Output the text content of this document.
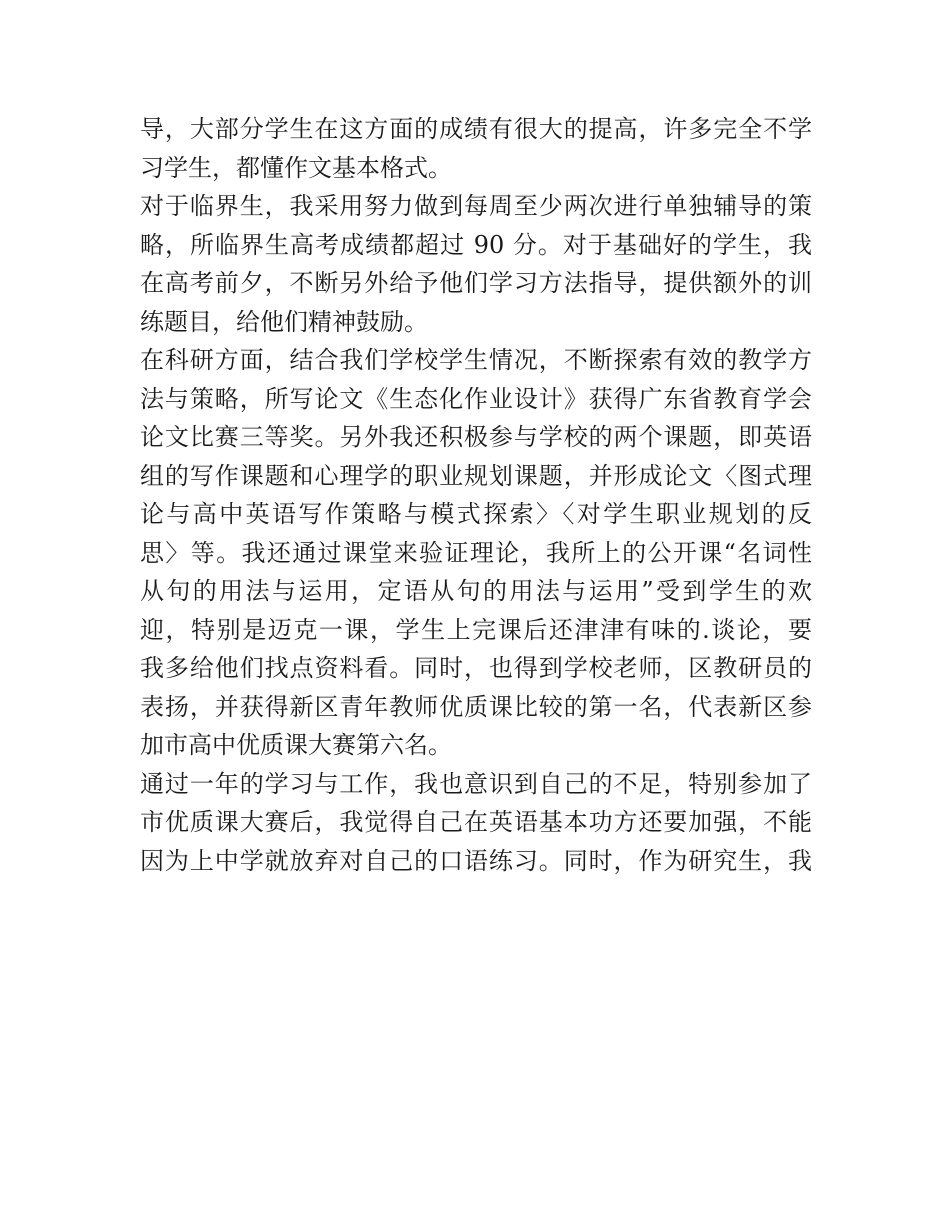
导，大部分学生在这方面的成绩有很大的提高，许多完全不学
习学生，都懂作文基本格式。
对于临界生，我采用努力做到每周至少两次进行单独辅导的策
略，所临界生高考成绩都超过 90 分。对于基础好的学生，我
在高考前夕，不断另外给予他们学习方法指导，提供额外的训
练题目，给他们精神鼓励。
在科研方面，结合我们学校学生情况，不断探索有效的教学方
法与策略，所写论文《生态化作业设计》获得广东省教育学会
论文比赛三等奖。另外我还积极参与学校的两个课题，即英语
组的写作课题和心理学的职业规划课题，并形成论文〈图式理
论与高中英语写作策略与模式探索〉〈对学生职业规划的反
思〉等。我还通过课堂来验证理论，我所上的公开课“名词性
从句的用法与运用，定语从句的用法与运用”受到学生的欢
迎，特别是迈克一课，学生上完课后还津津有味的.谈论，要
我多给他们找点资料看。同时，也得到学校老师，区教研员的
表扬，并获得新区青年教师优质课比较的第一名，代表新区参
加市高中优质课大赛第六名。
通过一年的学习与工作，我也意识到自己的不足，特别参加了
市优质课大赛后，我觉得自己在英语基本功方还要加强，不能
因为上中学就放弃对自己的口语练习。同时，作为研究生，我
